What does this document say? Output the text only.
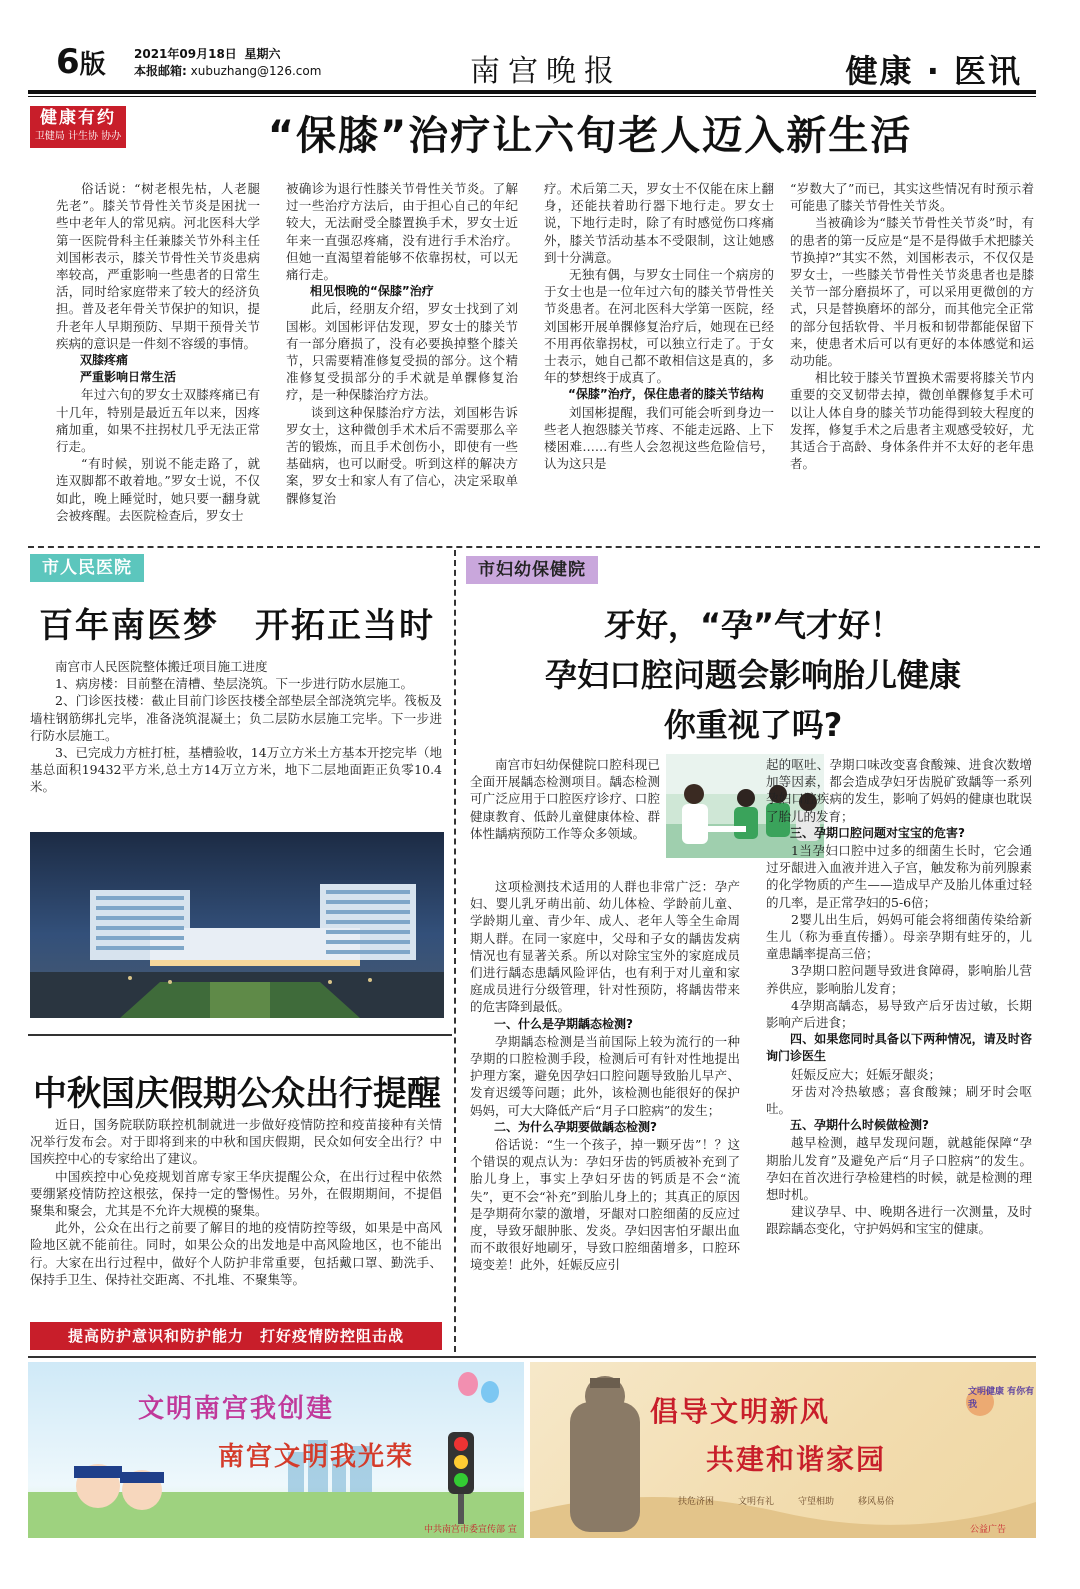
6版 2021年09月18日 星期六
本报邮箱: xubuzhang@126.com	南宫晚报	健康 · 医讯
健康有约
卫健局 计生协 协办	“保膝”治疗让六旬老人迈入新生活

俗话说：“树老根先枯，人老腿先老”。膝关节骨性关节炎是困扰一些中老年人的常见病。河北医科大学第一医院骨科主任兼膝关节外科主任刘国彬表示，膝关节骨性关节炎患病率较高，严重影响一些患者的日常生活，同时给家庭带来了较大的经济负担。普及老年骨关节保护的知识，提升老年人早期预防、早期干预骨关节疾病的意识是一件刻不容缓的事情。

双膝疼痛

严重影响日常生活

年过六旬的罗女士双膝疼痛已有十几年，特别是最近五年以来，因疼痛加重，如果不拄拐杖几乎无法正常行走。

“有时候，别说不能走路了，就连双脚都不敢着地。”罗女士说，不仅如此，晚上睡觉时，她只要一翻身就会被疼醒。去医院检查后，罗女士

被确诊为退行性膝关节骨性关节炎。了解过一些治疗方法后，由于担心自己的年纪较大，无法耐受全膝置换手术，罗女士近年来一直强忍疼痛，没有进行手术治疗。但她一直渴望着能够不依靠拐杖，可以无痛行走。

相见恨晚的“保膝”治疗

此后，经朋友介绍，罗女士找到了刘国彬。刘国彬评估发现，罗女士的膝关节有一部分磨损了，没有必要换掉整个膝关节，只需要精准修复受损的部分。这个精准修复受损部分的手术就是单髁修复治疗，是一种保膝治疗方法。

谈到这种保膝治疗方法，刘国彬告诉罗女士，这种微创手术术后不需要那么辛苦的锻炼，而且手术创伤小，即使有一些基础病，也可以耐受。听到这样的解决方案，罗女士和家人有了信心，决定采取单髁修复治

疗。术后第二天，罗女士不仅能在床上翻身，还能扶着助行器下地行走。罗女士说，下地行走时，除了有时感觉伤口疼痛外，膝关节活动基本不受限制，这让她感到十分满意。

无独有偶，与罗女士同住一个病房的于女士也是一位年过六旬的膝关节骨性关节炎患者。在河北医科大学第一医院，经刘国彬开展单髁修复治疗后，她现在已经不用再依靠拐杖，可以独立行走了。于女士表示，她自己都不敢相信这是真的，多年的梦想终于成真了。

“保膝”治疗，保住患者的膝关节结构

刘国彬提醒，我们可能会听到身边一些老人抱怨膝关节疼、不能走远路、上下楼困难……有些人会忽视这些危险信号，认为这只是

“岁数大了”而已，其实这些情况有时预示着可能患了膝关节骨性关节炎。

当被确诊为“膝关节骨性关节炎”时，有的患者的第一反应是“是不是得做手术把膝关节换掉?”其实不然，刘国彬表示，不仅仅是罗女士，一些膝关节骨性关节炎患者也是膝关节一部分磨损坏了，可以采用更微创的方式，只是替换磨坏的部分，而其他完全正常的部分包括软骨、半月板和韧带都能保留下来，使患者术后可以有更好的本体感觉和运动功能。

相比较于膝关节置换术需要将膝关节内重要的交叉韧带去掉，微创单髁修复手术可以让人体自身的膝关节功能得到较大程度的发挥，修复手术之后患者主观感受较好，尤其适合于高龄、身体条件并不太好的老年患者。

市人民医院
百年南医梦　开拓正当时

南宫市人民医院整体搬迁项目施工进度

1、病房楼：目前整在清槽、垫层浇筑。下一步进行防水层施工。

2、门诊医技楼：截止目前门诊医技楼全部垫层全部浇筑完毕。筏板及墙柱钢筋绑扎完毕，准备浇筑混凝土；负二层防水层施工完毕。下一步进行防水层施工。

3、已完成力方桩打桩，基槽验收，14万立方米土方基本开挖完毕（地基总面积19432平方米,总土方14万立方米，地下二层地面距正负零10.4米。

中秋国庆假期公众出行提醒

近日，国务院联防联控机制就进一步做好疫情防控和疫苗接种有关情况举行发布会。对于即将到来的中秋和国庆假期，民众如何安全出行？中国疾控中心的专家给出了建议。

中国疾控中心免疫规划首席专家王华庆提醒公众，在出行过程中依然要绷紧疫情防控这根弦，保持一定的警惕性。另外，在假期期间，不提倡聚集和聚会，尤其是不允许大规模的聚集。

此外，公众在出行之前要了解目的地的疫情防控等级，如果是中高风险地区就不能前往。同时，如果公众的出发地是中高风险地区，也不能出行。大家在出行过程中，做好个人防护非常重要，包括戴口罩、勤洗手、保持手卫生、保持社交距离、不扎堆、不聚集等。

提高防护意识和防护能力　打好疫情防控阻击战
市妇幼保健院
牙好，“孕”气才好！
孕妇口腔问题会影响胎儿健康
你重视了吗?

南宫市妇幼保健院口腔科现已全面开展龋态检测项目。龋态检测可广泛应用于口腔医疗诊疗、口腔健康教育、低龄儿童健康体检、群体性龋病预防工作等众多领域。

这项检测技术适用的人群也非常广泛：孕产妇、婴儿乳牙萌出前、幼儿体检、学龄前儿童、学龄期儿童、青少年、成人、老年人等全生命周期人群。在同一家庭中，父母和子女的龋齿发病情况也有显著关系。所以对除宝宝外的家庭成员们进行龋态患龋风险评估，也有利于对儿童和家庭成员进行分级管理，针对性预防，将龋齿带来的危害降到最低。

一、什么是孕期龋态检测?

孕期龋态检测是当前国际上较为流行的一种孕期的口腔检测手段，检测后可有针对性地提出护理方案，避免因孕妇口腔问题导致胎儿早产、发育迟缓等问题；此外，该检测也能很好的保护妈妈，可大大降低产后“月子口腔病”的发生；

二、为什么孕期要做龋态检测?

俗话说：“生一个孩子，掉一颗牙齿”！？这个错误的观点认为：孕妇牙齿的钙质被补充到了胎儿身上，事实上孕妇牙齿的钙质是不会“流失”，更不会“补充”到胎儿身上的；其真正的原因是孕期荷尔蒙的激增，牙龈对口腔细菌的反应过度，导致牙龈肿胀、发炎。孕妇因害怕牙龈出血而不敢很好地刷牙，导致口腔细菌增多，口腔环境变差！此外，妊娠反应引

起的呕吐、孕期口味改变喜食酸辣、进食次数增加等因素，都会造成孕妇牙齿脱矿致龋等一系列孕妇口腔疾病的发生，影响了妈妈的健康也耽误了胎儿的发育；

三、孕期口腔问题对宝宝的危害?

1当孕妇口腔中过多的细菌生长时，它会通过牙龈进入血液并进入子宫，触发称为前列腺素的化学物质的产生——造成早产及胎儿体重过轻的几率，是正常孕妇的5-6倍；

2婴儿出生后，妈妈可能会将细菌传染给新生儿（称为垂直传播）。母亲孕期有蛀牙的，儿童患龋率提高三倍；

3孕期口腔问题导致进食障碍，影响胎儿营养供应，影响胎儿发育；

4孕期高龋态，易导致产后牙齿过敏，长期影响产后进食；

四、如果您同时具备以下两种情况，请及时咨询门诊医生

妊娠反应大；妊娠牙龈炎；

牙齿对冷热敏感；喜食酸辣；刷牙时会呕吐。

五、孕期什么时候做检测?

越早检测，越早发现问题，就越能保障“孕期胎儿发育”及避免产后“月子口腔病”的发生。孕妇在首次进行孕检建档的时候，就是检测的理想时机。

建议孕早、中、晚期各进行一次测量，及时跟踪龋态变化，守护妈妈和宝宝的健康。

文明南宫我创建
南宫文明我光荣
中共南宫市委宣传部 宣
倡导文明新风
共建和谐家园
文明健康 有你有我
扶危济困	文明有礼	守望相助	移风易俗
公益广告
